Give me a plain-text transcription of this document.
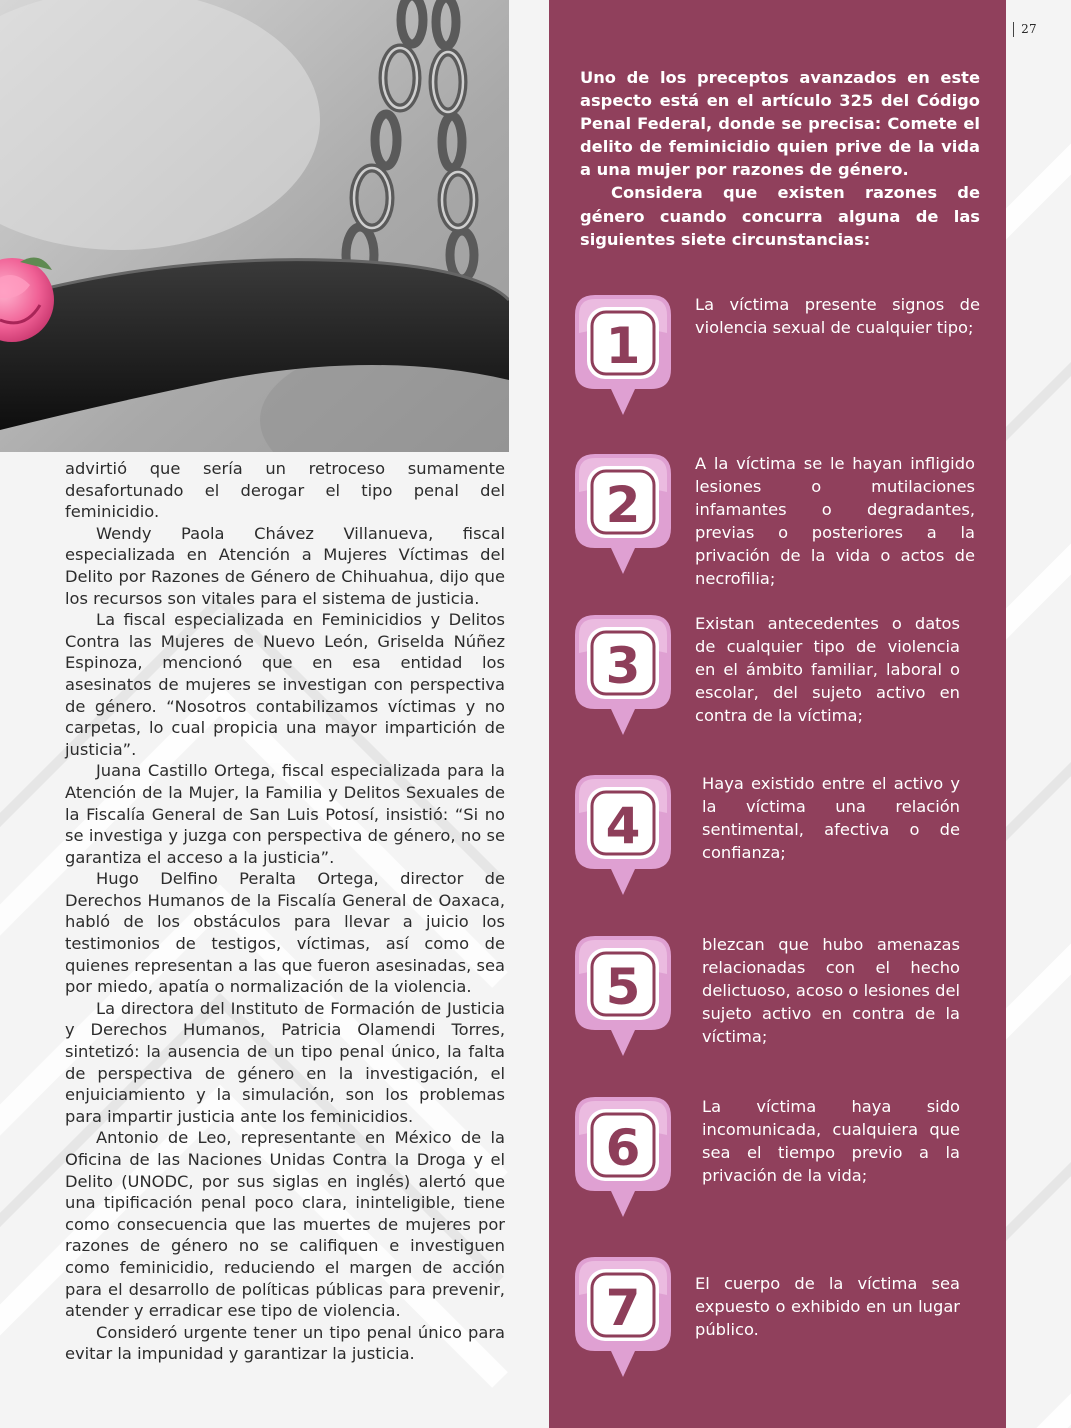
27

advirtió que sería un retroceso sumamente desafortunado el derogar el tipo penal del feminicidio.

Wendy Paola Chávez Villanueva, fiscal especializada en Atención a Mujeres Víctimas del Delito por Razones de Género de Chihuahua, dijo que los recursos son vitales para el sistema de justicia.

La fiscal especializada en Feminicidios y Delitos Contra las Mujeres de Nuevo León, Griselda Núñez Espinoza, mencionó que en esa entidad los asesinatos de mujeres se investigan con perspectiva de género. “Nosotros contabilizamos víctimas y no carpetas, lo cual propicia una mayor impartición de justicia”.

Juana Castillo Ortega, fiscal especializada para la Atención de la Mujer, la Familia y Delitos Sexuales de la Fiscalía General de San Luis Potosí, insistió: “Si no se investiga y juzga con perspectiva de género, no se garantiza el acceso a la justicia”.

Hugo Delfino Peralta Ortega, director de Derechos Humanos de la Fiscalía General de Oaxaca, habló de los obstáculos para llevar a juicio los testimonios de testigos, víctimas, así como de quienes representan a las que fueron asesinadas, sea por miedo, apatía o normalización de la violencia.

La directora del Instituto de Formación de Justicia y Derechos Humanos, Patricia Olamendi Torres, sintetizó: la ausencia de un tipo penal único, la falta de perspectiva de género en la investigación, el enjuiciamiento y la simulación, son los problemas para impartir justicia ante los feminicidios.

Antonio de Leo, representante en México de la Oficina de las Naciones Unidas Contra la Droga y el Delito (UNODC, por sus siglas en inglés) alertó que una tipificación penal poco clara, ininteligible, tiene como consecuencia que las muertes de mujeres por razones de género no se califiquen e investiguen como feminicidio, reduciendo el margen de acción para el desarrollo de políticas públicas para prevenir, atender y erradicar ese tipo de violencia.

Consideró urgente tener un tipo penal único para evitar la impunidad y garantizar la justicia.

Uno de los preceptos avanzados en este aspecto está en el artículo 325 del Código Penal Federal, donde se precisa: Comete el delito de feminicidio quien prive de la vida a una mujer por razones de género.

Considera que existen razones de género cuando concurra alguna de las siguientes siete circunstancias:

1
2
3
4
5
6
7
La víctima presente signos de violencia sexual de cualquier tipo;
A la víctima se le hayan infligido lesiones o mutilaciones infamantes o degradantes, previas o posteriores a la privación de la vida o actos de necrofilia;
Existan antecedentes o datos de cualquier tipo de violencia en el ámbito familiar, laboral o escolar, del sujeto activo en contra de la víctima;
Haya existido entre el activo y la víctima una relación sentimental, afectiva o de confianza;
blezcan que hubo amenazas relacionadas con el hecho delictuoso, acoso o lesiones del sujeto activo en contra de la víctima;
La víctima haya sido incomunicada, cualquiera que sea el tiempo previo a la privación de la vida;
El cuerpo de la víctima sea expuesto o exhibido en un lugar público.
